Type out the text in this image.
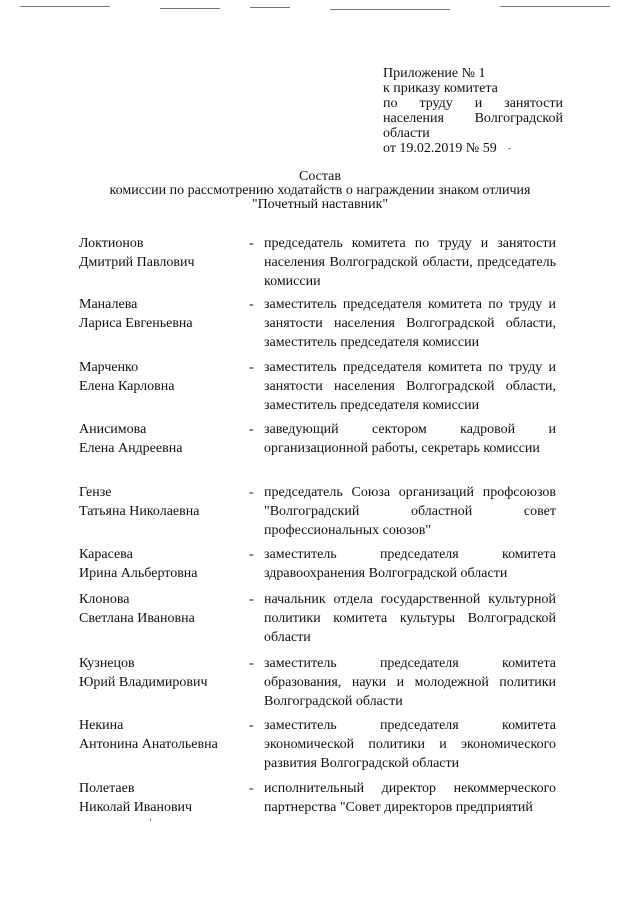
Приложение № 1
к приказу комитета
по труду и занятости
населения Волгоградской
области
от 19.02.2019 № 59
Состав
комиссии по рассмотрению ходатайств о награждении знаком отличия
"Почетный наставник"
Локтионов
Дмитрий Павлович
- председатель комитета по труду и занятости населения Волгоградской области, председатель комиссии
Маналева
Лариса Евгеньевна
- заместитель председателя комитета по труду и занятости населения Волгоградской области, заместитель председателя комиссии
Марченко
Елена Карловна
- заместитель председателя комитета по труду и занятости населения Волгоградской области, заместитель председателя комиссии
Анисимова
Елена Андреевна
- заведующий сектором кадровой и организационной работы, секретарь комиссии
Гензе
Татьяна Николаевна
- председатель Союза организаций профсоюзов "Волгоградский областной совет профессиональных союзов"
Карасева
Ирина Альбертовна
- заместитель председателя комитета здравоохранения Волгоградской области
Клонова
Светлана Ивановна
- начальник отдела государственной культурной политики комитета культуры Волгоградской области
Кузнецов
Юрий Владимирович
- заместитель председателя комитета образования, науки и молодежной политики Волгоградской области
Некина
Антонина Анатольевна
- заместитель председателя комитета экономической политики и экономического развития Волгоградской области
Полетаев
Николай Иванович
- исполнительный директор некоммерческого партнерства "Совет директоров предприятий
